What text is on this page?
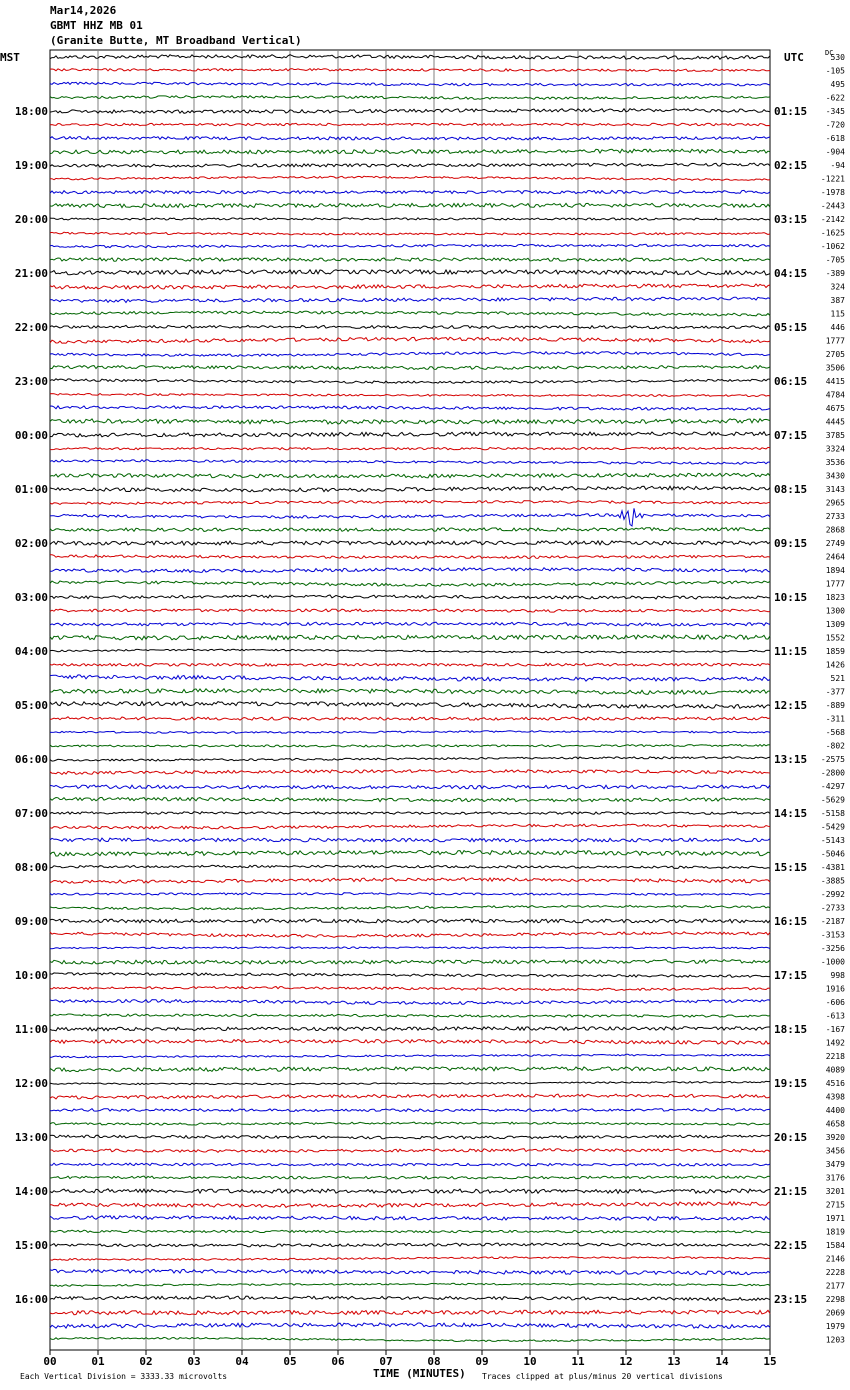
Mar14,2026
GBMT HHZ MB 01
(Granite Butte, MT Broadband Vertical)
MST	UTC	DC
00	01	02	03	04	05	06	07	08	09	10	11	12	13	14	15
530
-105
495
-622
-345
-720
-618
-904
-94
-1221
-1978
-2443
-2142
-1625
-1062
-705
-389
324
387
115
446
1777
2705
3506
4415
4784
4675
4445
3785
3324
3536
3430
3143
2965
2733
2868
2749
2464
1894
1777
1823
1300
1309
1552
1859
1426
521
-377
-889
-311
-568
-802
-2575
-2800
-4297
-5629
-5158
-5429
-5143
-5046
-4381
-3885
-2992
-2733
-2187
-3153
-3256
-1000
998
1916
-606
-613
-167
1492
2218
4089
4516
4398
4400
4658
3920
3456
3479
3176
3201
2715
1971
1819
1584
2146
2228
2177
2298
2069
1979
1203
18:00
19:00
20:00
21:00
22:00
23:00
00:00
01:00
02:00
03:00
04:00
05:00
06:00
07:00
08:00
09:00
10:00
11:00
12:00
13:00
14:00
15:00
16:00
01:15
02:15
03:15
04:15
05:15
06:15
07:15
08:15
09:15
10:15
11:15
12:15
13:15
14:15
15:15
16:15
17:15
18:15
19:15
20:15
21:15
22:15
23:15
TIME (MINUTES)
Each Vertical Division = 3333.33 microvolts	Traces clipped at plus/minus 20 vertical divisions
